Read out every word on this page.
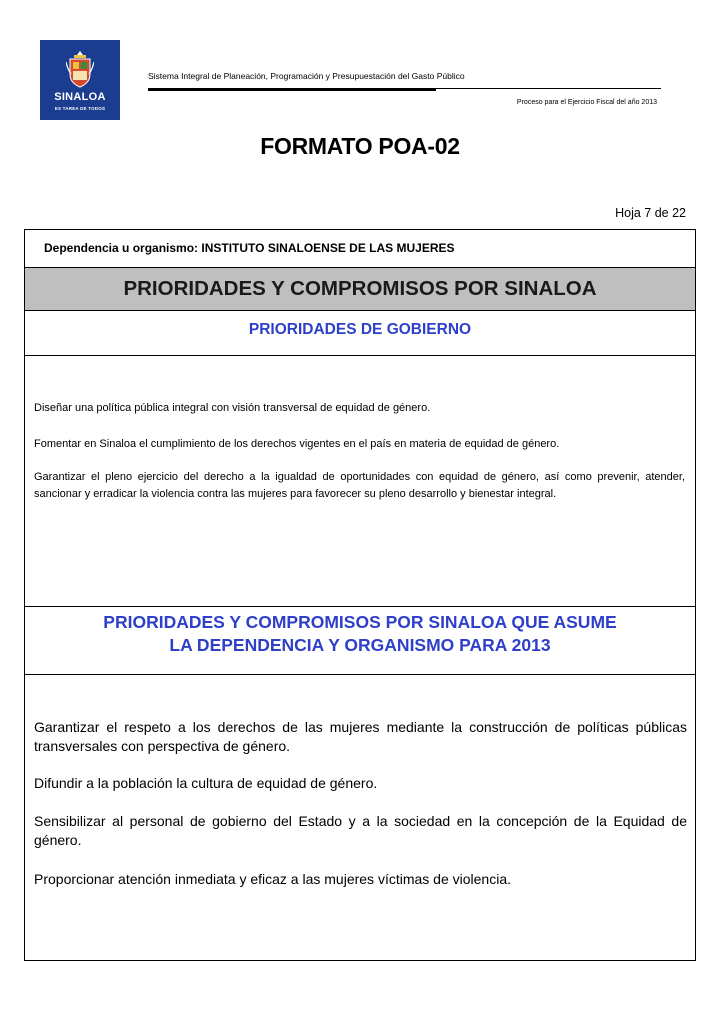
SINALOA
ES TAREA DE TODOS
Sistema Integral de Planeación, Programación y Presupuestación del Gasto Público
Proceso para el Ejercicio Fiscal del año 2013
FORMATO POA-02
Hoja 7 de 22
Dependencia u organismo: INSTITUTO SINALOENSE DE LAS MUJERES
PRIORIDADES Y COMPROMISOS POR SINALOA
PRIORIDADES DE GOBIERNO

Diseñar una política pública integral con visión transversal de equidad de género.

Fomentar en Sinaloa el cumplimiento de los derechos vigentes en el país en materia de equidad de género.

Garantizar el pleno ejercicio del derecho a la igualdad de oportunidades con equidad de género, así como prevenir, atender, sancionar y erradicar la violencia contra las mujeres para favorecer su pleno desarrollo y bienestar integral.

PRIORIDADES Y COMPROMISOS POR SINALOA QUE ASUME
LA DEPENDENCIA Y ORGANISMO PARA 2013

Garantizar el respeto a los derechos de las mujeres mediante la construcción de políticas públicas transversales con perspectiva de género.

Difundir a la población la cultura de equidad de género.

Sensibilizar al personal de gobierno del Estado y a la sociedad en la concepción de la Equidad de género.

Proporcionar atención inmediata y eficaz a las mujeres víctimas de violencia.
